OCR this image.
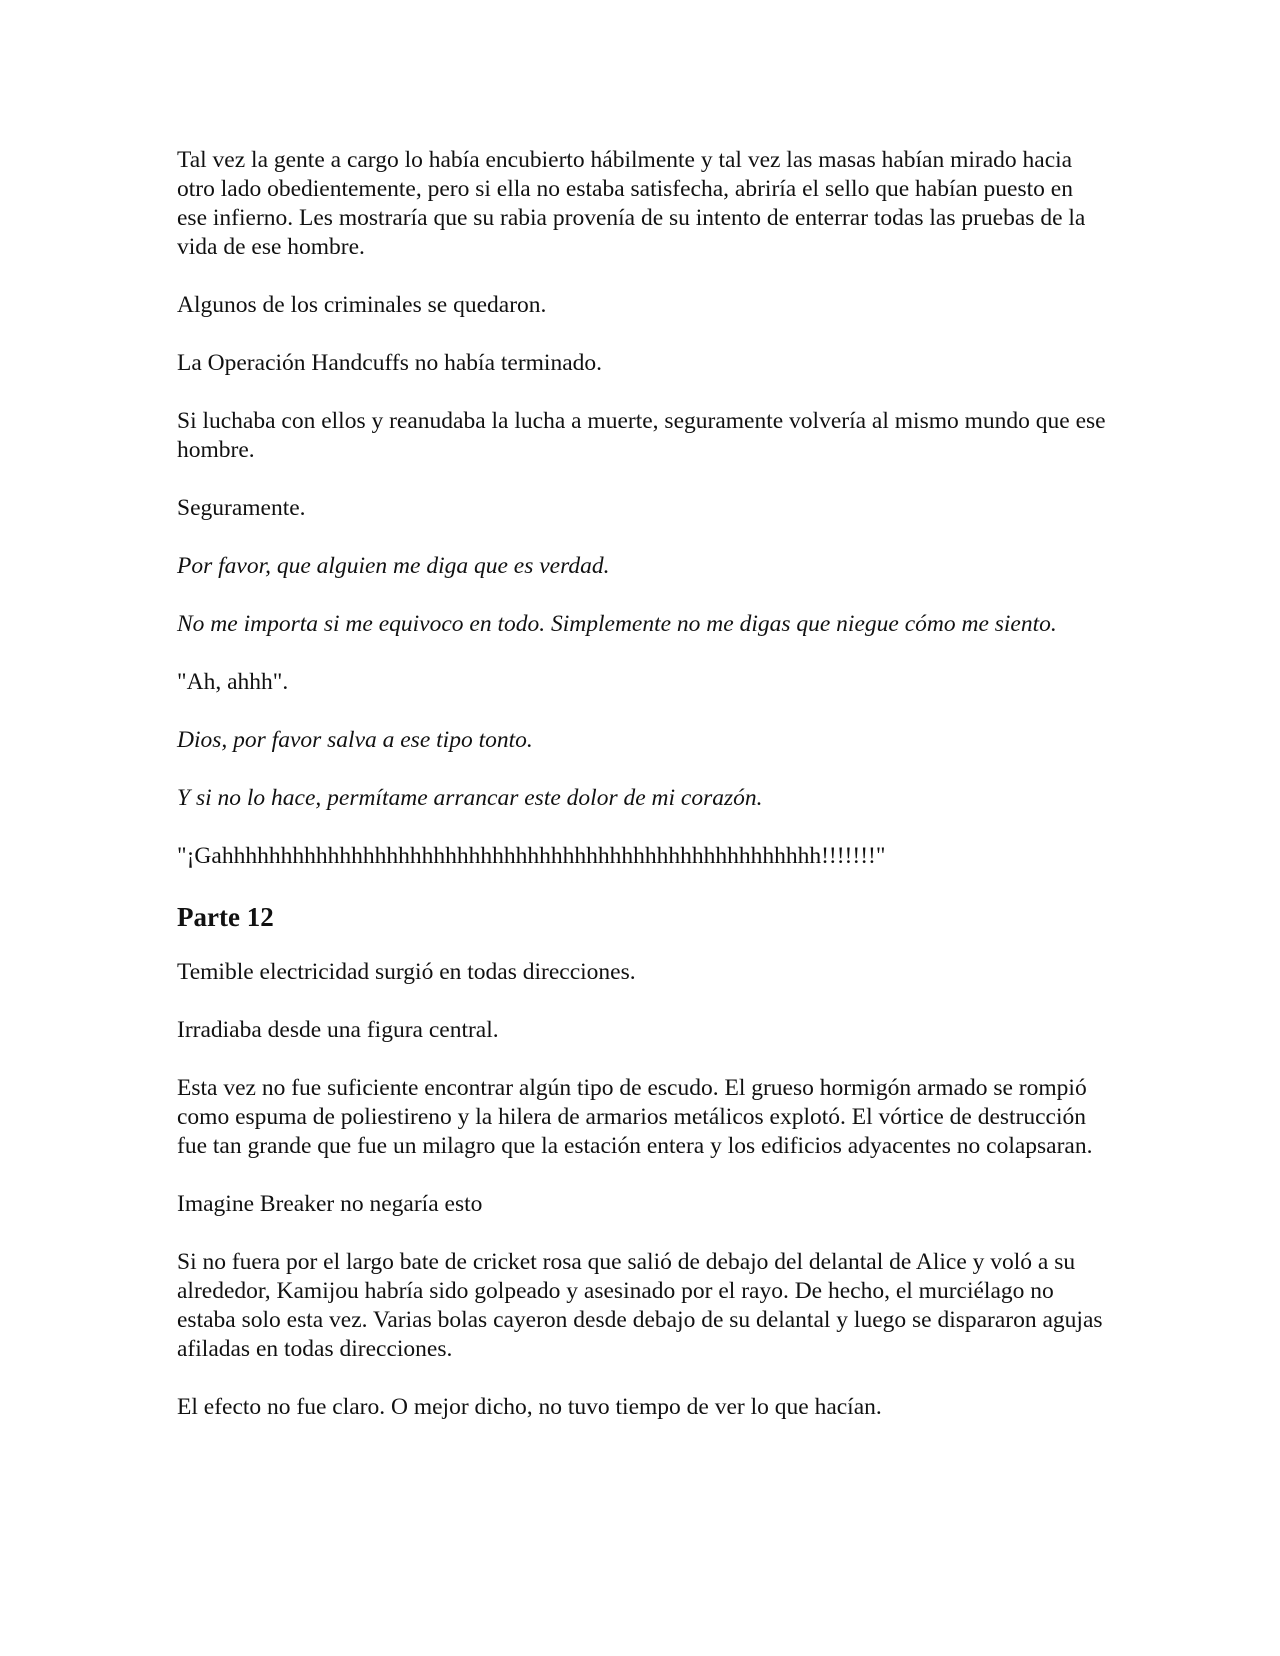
Tal vez la gente a cargo lo había encubierto hábilmente y tal vez las masas habían mirado hacia otro lado obedientemente, pero si ella no estaba satisfecha, abriría el sello que habían puesto en ese infierno. Les mostraría que su rabia provenía de su intento de enterrar todas las pruebas de la vida de ese hombre.

Algunos de los criminales se quedaron.

La Operación Handcuffs no había terminado.

Si luchaba con ellos y reanudaba la lucha a muerte, seguramente volvería al mismo mundo que ese hombre.

Seguramente.

Por favor, que alguien me diga que es verdad.

No me importa si me equivoco en todo. Simplemente no me digas que niegue cómo me siento.

"Ah, ahhh".

Dios, por favor salva a ese tipo tonto.

Y si no lo hace, permítame arrancar este dolor de mi corazón.

"¡Gahhhhhhhhhhhhhhhhhhhhhhhhhhhhhhhhhhhhhhhhhhhhhhhhhhh!!!!!!!"

Parte 12

Temible electricidad surgió en todas direcciones.

Irradiaba desde una figura central.

Esta vez no fue suficiente encontrar algún tipo de escudo. El grueso hormigón armado se rompió como espuma de poliestireno y la hilera de armarios metálicos explotó. El vórtice de destrucción fue tan grande que fue un milagro que la estación entera y los edificios adyacentes no colapsaran.

Imagine Breaker no negaría esto

Si no fuera por el largo bate de cricket rosa que salió de debajo del delantal de Alice y voló a su alrededor, Kamijou habría sido golpeado y asesinado por el rayo. De hecho, el murciélago no estaba solo esta vez. Varias bolas cayeron desde debajo de su delantal y luego se dispararon agujas afiladas en todas direcciones.

El efecto no fue claro. O mejor dicho, no tuvo tiempo de ver lo que hacían.
